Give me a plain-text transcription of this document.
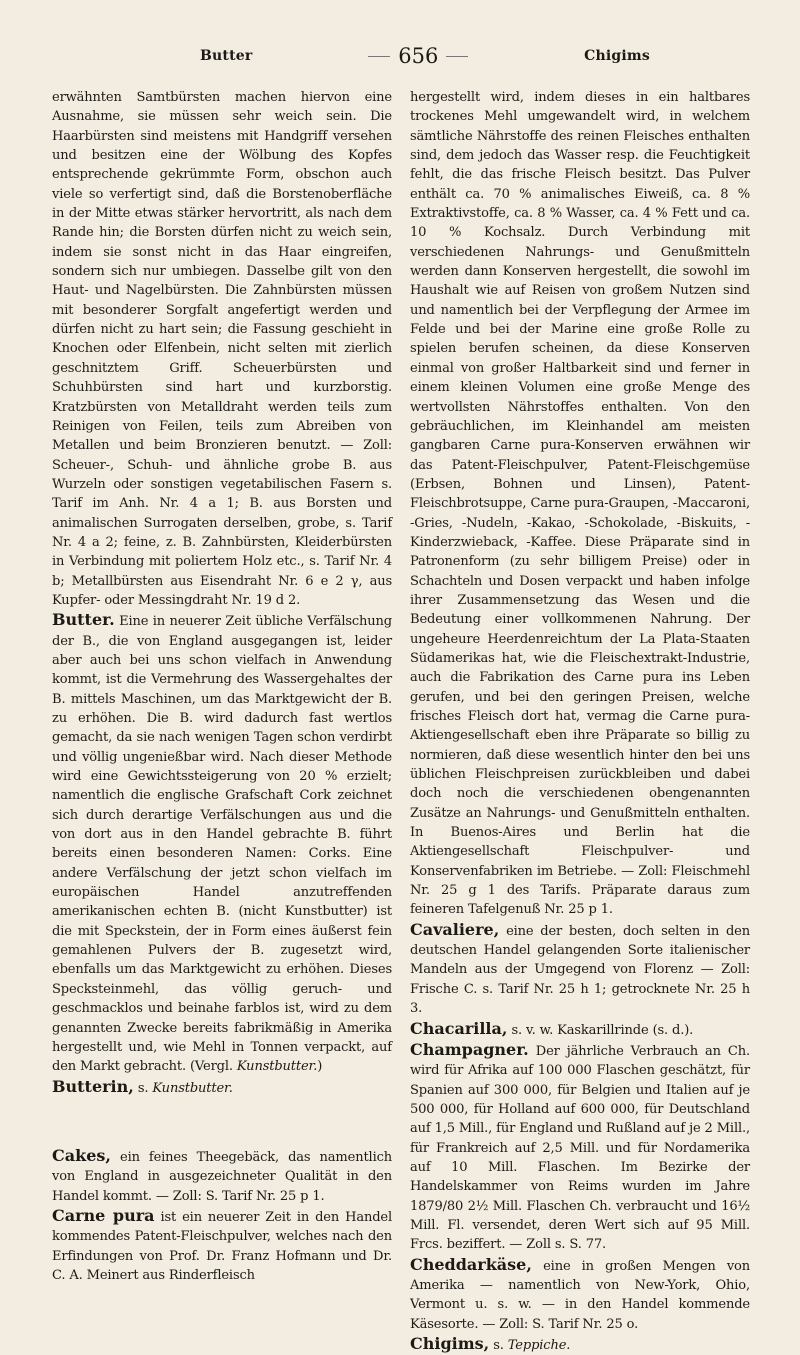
Butter	656	Chigims

erwähnten Samtbürsten machen hiervon eine Ausnahme, sie müssen sehr weich sein. Die Haarbürsten sind meistens mit Handgriff versehen und besitzen eine der Wölbung des Kopfes entsprechende gekrümmte Form, obschon auch viele so verfertigt sind, daß die Borstenoberfläche in der Mitte etwas stärker hervortritt, als nach dem Rande hin; die Borsten dürfen nicht zu weich sein, indem sie sonst nicht in das Haar eingreifen, sondern sich nur umbiegen. Dasselbe gilt von den Haut- und Nagelbürsten. Die Zahnbürsten müssen mit besonderer Sorgfalt angefertigt werden und dürfen nicht zu hart sein; die Fassung geschieht in Knochen oder Elfenbein, nicht selten mit zierlich geschnitztem Griff. Scheuerbürsten und Schuhbürsten sind hart und kurzborstig. Kratzbürsten von Metalldraht werden teils zum Reinigen von Feilen, teils zum Abreiben von Metallen und beim Bronzieren benutzt. — Zoll: Scheuer-, Schuh- und ähnliche grobe B. aus Wurzeln oder sonstigen vegetabilischen Fasern s. Tarif im Anh. Nr. 4 a 1; B. aus Borsten und animalischen Surrogaten derselben, grobe, s. Tarif Nr. 4 a 2; feine, z. B. Zahnbürsten, Kleiderbürsten in Verbindung mit poliertem Holz etc., s. Tarif Nr. 4 b; Metallbürsten aus Eisendraht Nr. 6 e 2 γ, aus Kupfer- oder Messingdraht Nr. 19 d 2.

Butter. Eine in neuerer Zeit übliche Verfälschung der B., die von England ausgegangen ist, leider aber auch bei uns schon vielfach in Anwendung kommt, ist die Vermehrung des Wassergehaltes der B. mittels Maschinen, um das Marktgewicht der B. zu erhöhen. Die B. wird dadurch fast wertlos gemacht, da sie nach wenigen Tagen schon verdirbt und völlig ungenießbar wird. Nach dieser Methode wird eine Gewichtssteigerung von 20 % erzielt; namentlich die englische Grafschaft Cork zeichnet sich durch derartige Verfälschungen aus und die von dort aus in den Handel gebrachte B. führt bereits einen besonderen Namen: Corks. Eine andere Verfälschung der jetzt schon vielfach im europäischen Handel anzutreffenden amerikanischen echten B. (nicht Kunstbutter) ist die mit Speckstein, der in Form eines äußerst fein gemahlenen Pulvers der B. zugesetzt wird, ebenfalls um das Marktgewicht zu erhöhen. Dieses Specksteinmehl, das völlig geruch- und geschmacklos und beinahe farblos ist, wird zu dem genannten Zwecke bereits fabrikmäßig in Amerika hergestellt und, wie Mehl in Tonnen verpackt, auf den Markt gebracht. (Vergl. Kunstbutter.)

Butterin, s. Kunstbutter.

Cakes, ein feines Theegebäck, das namentlich von England in ausgezeichneter Qualität in den Handel kommt. — Zoll: S. Tarif Nr. 25 p 1.

Carne pura ist ein neuerer Zeit in den Handel kommendes Patent-Fleischpulver, welches nach den Erfindungen von Prof. Dr. Franz Hofmann und Dr. C. A. Meinert aus Rinderfleisch

hergestellt wird, indem dieses in ein haltbares trockenes Mehl umgewandelt wird, in welchem sämtliche Nährstoffe des reinen Fleisches enthalten sind, dem jedoch das Wasser resp. die Feuchtigkeit fehlt, die das frische Fleisch besitzt. Das Pulver enthält ca. 70 % animalisches Eiweiß, ca. 8 % Extraktivstoffe, ca. 8 % Wasser, ca. 4 % Fett und ca. 10 % Kochsalz. Durch Verbindung mit verschiedenen Nahrungs- und Genußmitteln werden dann Konserven hergestellt, die sowohl im Haushalt wie auf Reisen von großem Nutzen sind und namentlich bei der Verpflegung der Armee im Felde und bei der Marine eine große Rolle zu spielen berufen scheinen, da diese Konserven einmal von großer Haltbarkeit sind und ferner in einem kleinen Volumen eine große Menge des wertvollsten Nährstoffes enthalten. Von den gebräuchlichen, im Kleinhandel am meisten gangbaren Carne pura-Konserven erwähnen wir das Patent-Fleischpulver, Patent-Fleischgemüse (Erbsen, Bohnen und Linsen), Patent-Fleischbrotsuppe, Carne pura-Graupen, -Maccaroni, -Gries, -Nudeln, -Kakao, -Schokolade, -Biskuits, -Kinderzwieback, -Kaffee. Diese Präparate sind in Patronenform (zu sehr billigem Preise) oder in Schachteln und Dosen verpackt und haben infolge ihrer Zusammensetzung das Wesen und die Bedeutung einer vollkommenen Nahrung. Der ungeheure Heerdenreichtum der La Plata-Staaten Südamerikas hat, wie die Fleischextrakt-Industrie, auch die Fabrikation des Carne pura ins Leben gerufen, und bei den geringen Preisen, welche frisches Fleisch dort hat, vermag die Carne pura-Aktiengesellschaft eben ihre Präparate so billig zu normieren, daß diese wesentlich hinter den bei uns üblichen Fleischpreisen zurückbleiben und dabei doch noch die verschiedenen obengenannten Zusätze an Nahrungs- und Genußmitteln enthalten. In Buenos-Aires und Berlin hat die Aktiengesellschaft Fleischpulver- und Konservenfabriken im Betriebe. — Zoll: Fleischmehl Nr. 25 g 1 des Tarifs. Präparate daraus zum feineren Tafelgenuß Nr. 25 p 1.

Cavaliere, eine der besten, doch selten in den deutschen Handel gelangenden Sorte italienischer Mandeln aus der Umgegend von Florenz — Zoll: Frische C. s. Tarif Nr. 25 h 1; getrocknete Nr. 25 h 3.

Chacarilla, s. v. w. Kaskarillrinde (s. d.).

Champagner. Der jährliche Verbrauch an Ch. wird für Afrika auf 100 000 Flaschen geschätzt, für Spanien auf 300 000, für Belgien und Italien auf je 500 000, für Holland auf 600 000, für Deutschland auf 1,5 Mill., für England und Rußland auf je 2 Mill., für Frankreich auf 2,5 Mill. und für Nordamerika auf 10 Mill. Flaschen. Im Bezirke der Handelskammer von Reims wurden im Jahre 1879/80 2½ Mill. Flaschen Ch. verbraucht und 16½ Mill. Fl. versendet, deren Wert sich auf 95 Mill. Frcs. beziffert. — Zoll s. S. 77.

Cheddarkäse, eine in großen Mengen von Amerika — namentlich von New-York, Ohio, Vermont u. s. w. — in den Handel kommende Käsesorte. — Zoll: S. Tarif Nr. 25 o.

Chigims, s. Teppiche.
